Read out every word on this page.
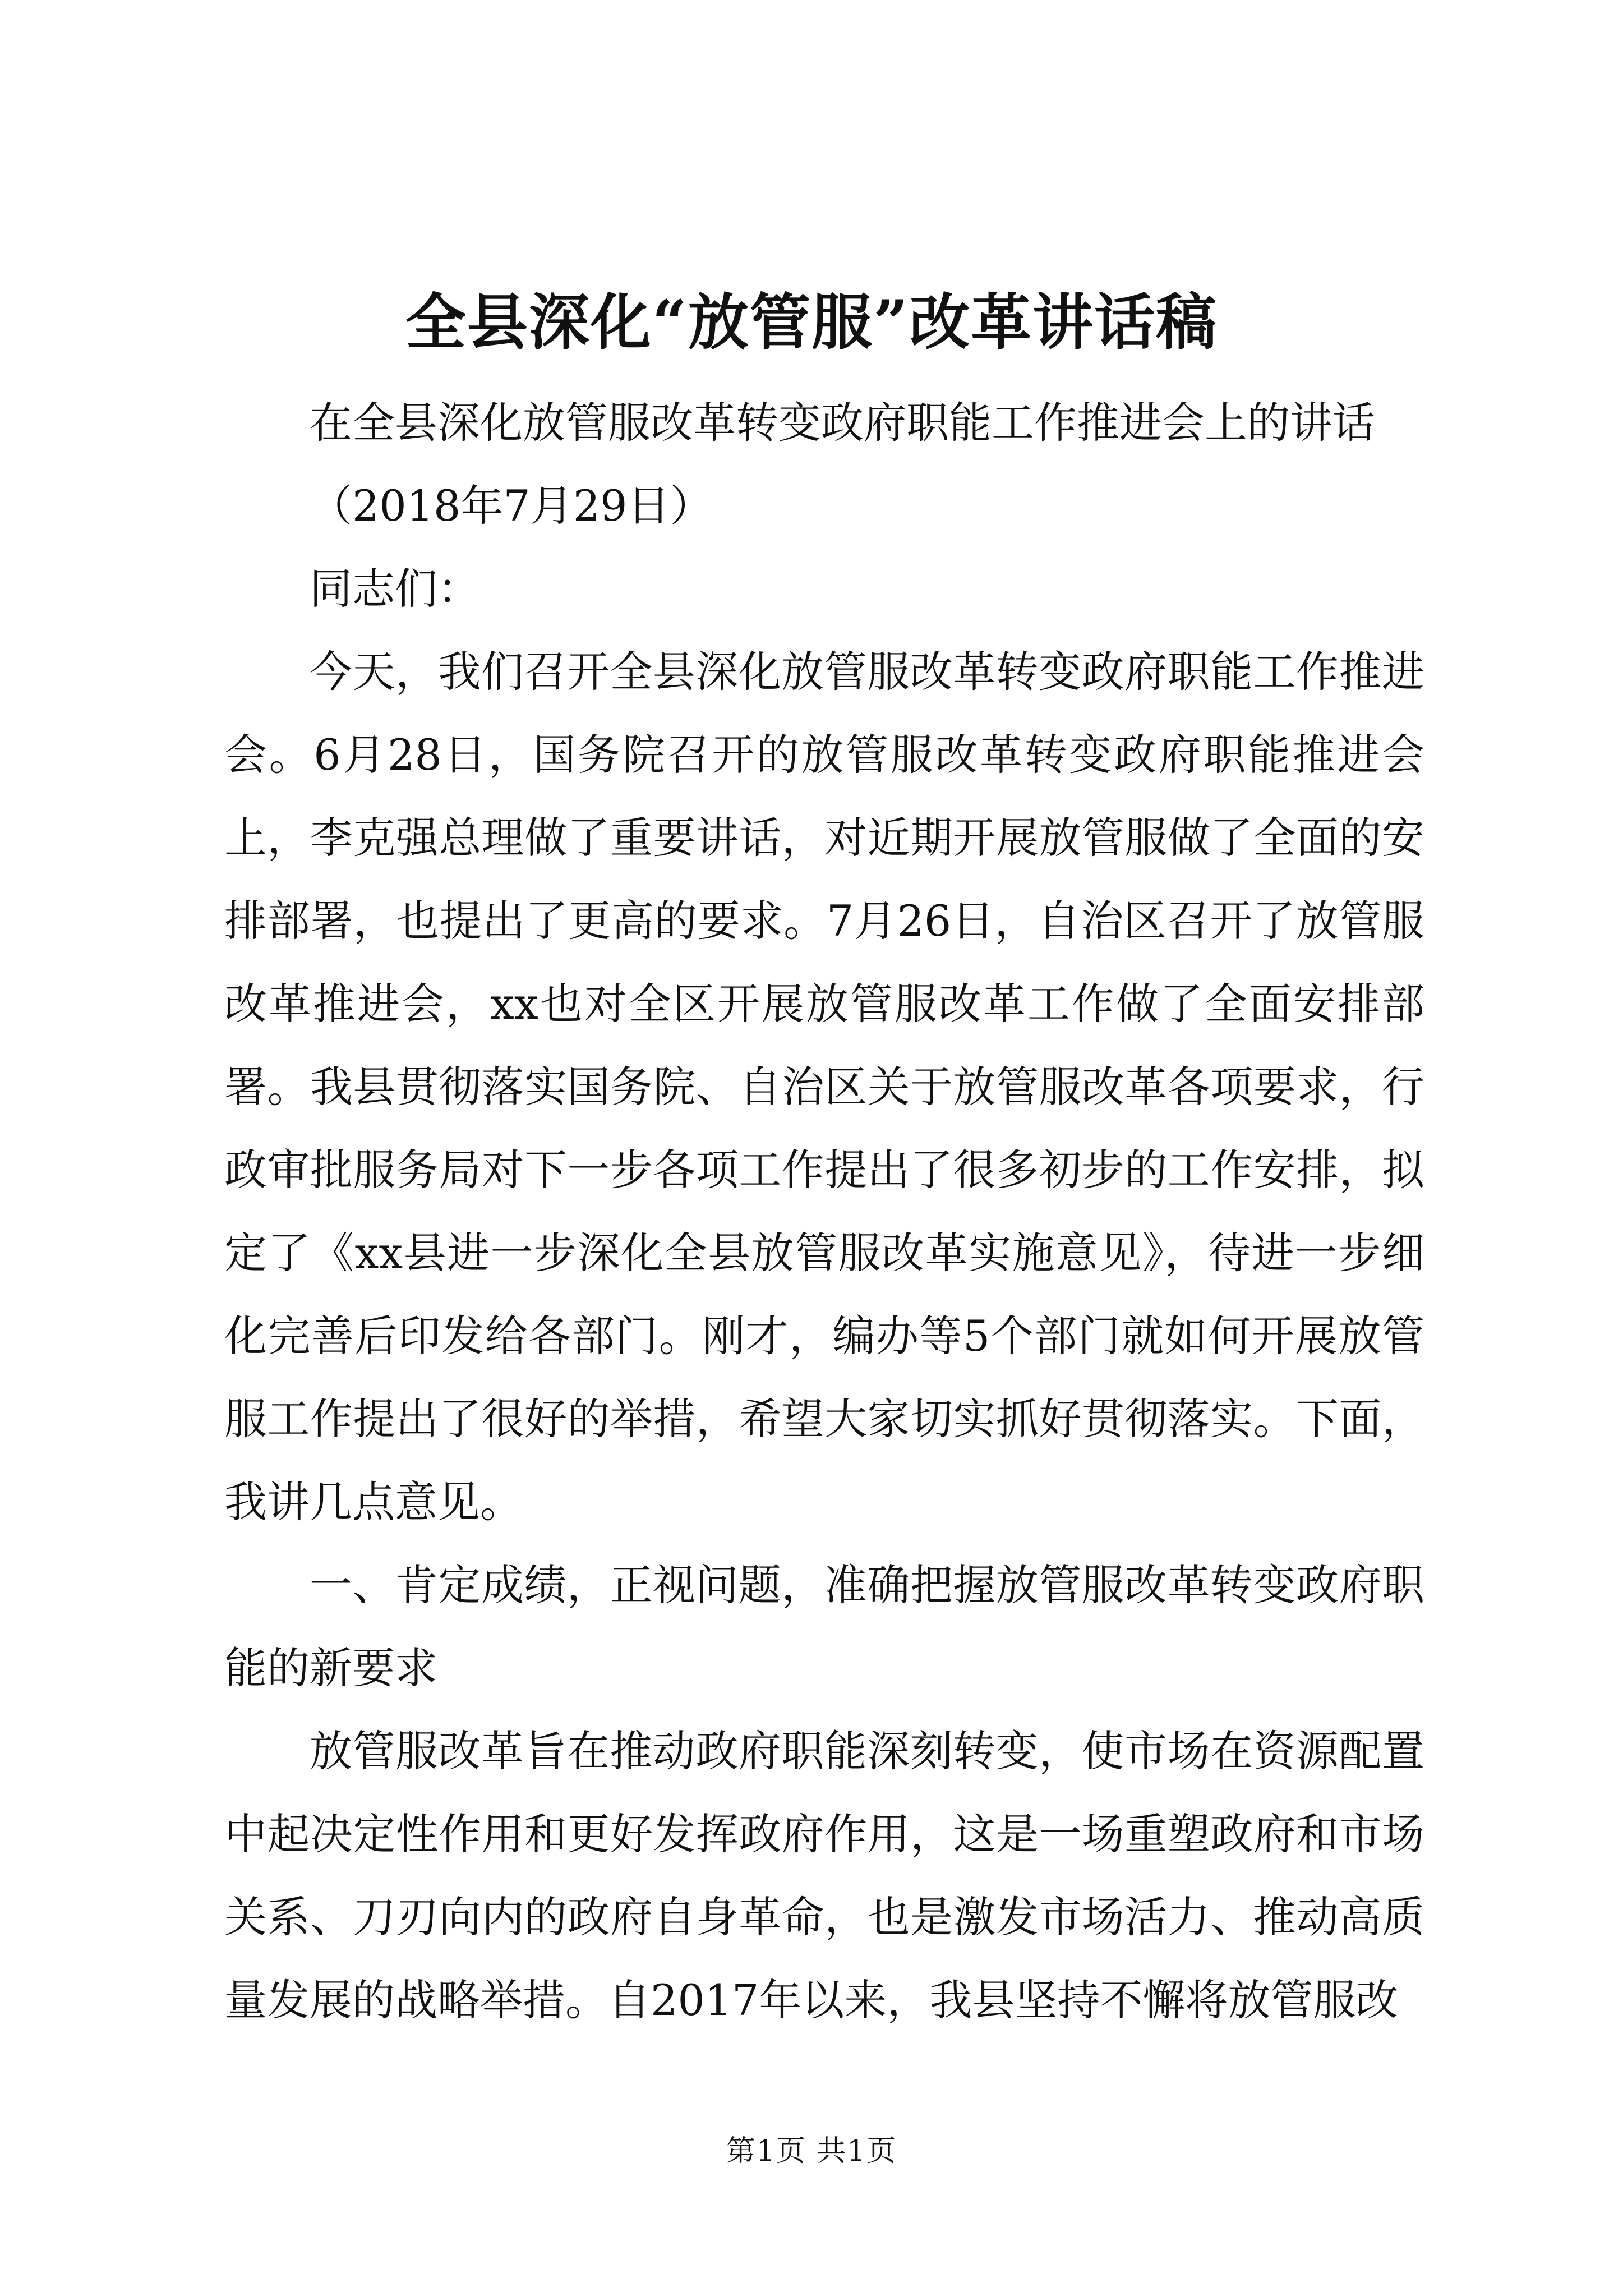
全县深化“放管服”改革讲话稿

在全县深化放管服改革转变政府职能工作推进会上的讲话

（2018年7月29日）

同志们：

今天，我们召开全县深化放管服改革转变政府职能工作推进会。6月28日，国务院召开的放管服改革转变政府职能推进会上，李克强总理做了重要讲话，对近期开展放管服做了全面的安排部署，也提出了更高的要求。7月26日，自治区召开了放管服改革推进会，xx也对全区开展放管服改革工作做了全面安排部署。我县贯彻落实国务院、自治区关于放管服改革各项要求，行政审批服务局对下一步各项工作提出了很多初步的工作安排，拟定了《xx县进一步深化全县放管服改革实施意见》，待进一步细化完善后印发给各部门。刚才，编办等5个部门就如何开展放管服工作提出了很好的举措，希望大家切实抓好贯彻落实。下面，我讲几点意见。

一、肯定成绩，正视问题，准确把握放管服改革转变政府职能的新要求

放管服改革旨在推动政府职能深刻转变，使市场在资源配置中起决定性作用和更好发挥政府作用，这是一场重塑政府和市场关系、刀刃向内的政府自身革命，也是激发市场活力、推动高质量发展的战略举措。自2017年以来，我县坚持不懈将放管服改

第1页 共1页
